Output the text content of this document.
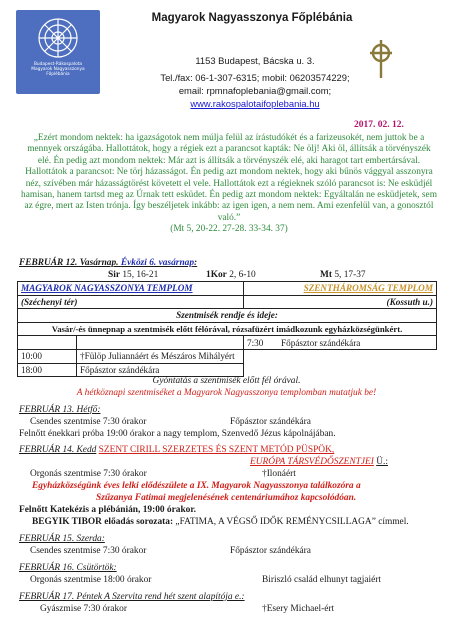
Budapest-Rákospalota
Magyarok Nagyasszonya
Főplébánia
Magyarok Nagyasszonya Főplébánia
1153 Budapest, Bácska u. 3.
Tel./fax: 06-1-307-6315; mobil: 06203574229;
email: rpmnafoplebania@gmail.com;
www.rakospalotaifoplebania.hu
2017. 02. 12.
„Ezért mondom nektek: ha igazságotok nem múlja felül az írástudókét és a farizeusokét, nem juttok be a mennyek országába. Hallottátok, hogy a régiek ezt a parancsot kapták: Ne ölj! Aki öl, állítsák a törvényszék elé. Én pedig azt mondom nektek: Már azt is állítsák a törvényszék elé, aki haragot tart embertársával. Hallottátok a parancsot: Ne törj házasságot. Én pedig azt mondom nektek, hogy aki bűnös vággyal asszonyra néz, szívében már házasságtörést követett el vele. Hallottátok ezt a régieknek szóló parancsot is: Ne esküdjél hamisan, hanem tartsd meg az Úrnak tett esküdet. Én pedig azt mondom nektek: Egyáltalán ne esküdjetek, sem az égre, mert az Isten trónja. Így beszéljetek inkább: az igen igen, a nem nem. Ami ezenfelül van, a gonosztól való.”
(Mt 5, 20-22. 27-28. 33-34. 37)
FEBRUÁR 12. Vasárnap. Évközi 6. vasárnap:
Sir 15, 16-21	1Kor 2, 6-10	Mt 5, 17-37
MAGYAROK NAGYASSZONYA TEMPLOM		SZENTHÁROMSÁG TEMPLOM	
(Széchenyi tér)		(Kossuth u.)	
Szentmisék rendje és ideje:			
Vasár/-és ünnepnap a szentmisék előtt félórával, rózsafüzért imádkozunk egyházközségünkért.			
		7:30	Főpásztor szándékára
10:00	†Fülöp Juliannáért és Mészáros Mihályért		
18:00	Főpásztor szándékára		
Gyóntatás a szentmisék előtt fél órával.
A hétköznapi szentmiséket a Magyarok Nagyasszonya templomban mutatjuk be!
FEBRUÁR 13. Hétfő:
Csendes szentmise 7:30 órakor	Főpásztor szándékára
Felnőtt énekkari próba 19:00 órakor a nagy templom, Szenvedő Jézus kápolnájában.
FEBRUÁR 14. Kedd SZENT CIRILL SZERZETES ÉS SZENT METÓD PÜSPÖK,
EURÓPA TÁRSVÉDŐSZENTJEI Ü.:
Orgonás szentmise 7:30 órakor	†Ilonáért
Egyházközségünk éves lelki elődészülete a IX. Magyarok Nagyasszonya találkozóra a
Szűzanya Fatimai megjelenésének centenáriumához kapcsolódóan.
Felnőtt Katekézis a plébánián, 19:00 órakor.
BEGYIK TIBOR előadás sorozata: „FATIMA, A VÉGSŐ IDŐK REMÉNYCSILLAGA” címmel.
FEBRUÁR 15. Szerda:
Csendes szentmise 7:30 órakor	Főpásztor szándékára
FEBRUÁR 16. Csütörtök:
Orgonás szentmise 18:00 órakor	Biriszló család elhunyt tagjaiért
FEBRUÁR 17. Péntek A Szervita rend hét szent alapítója e.:
Gyászmise 7:30 órakor	†Esery Michael-ért
